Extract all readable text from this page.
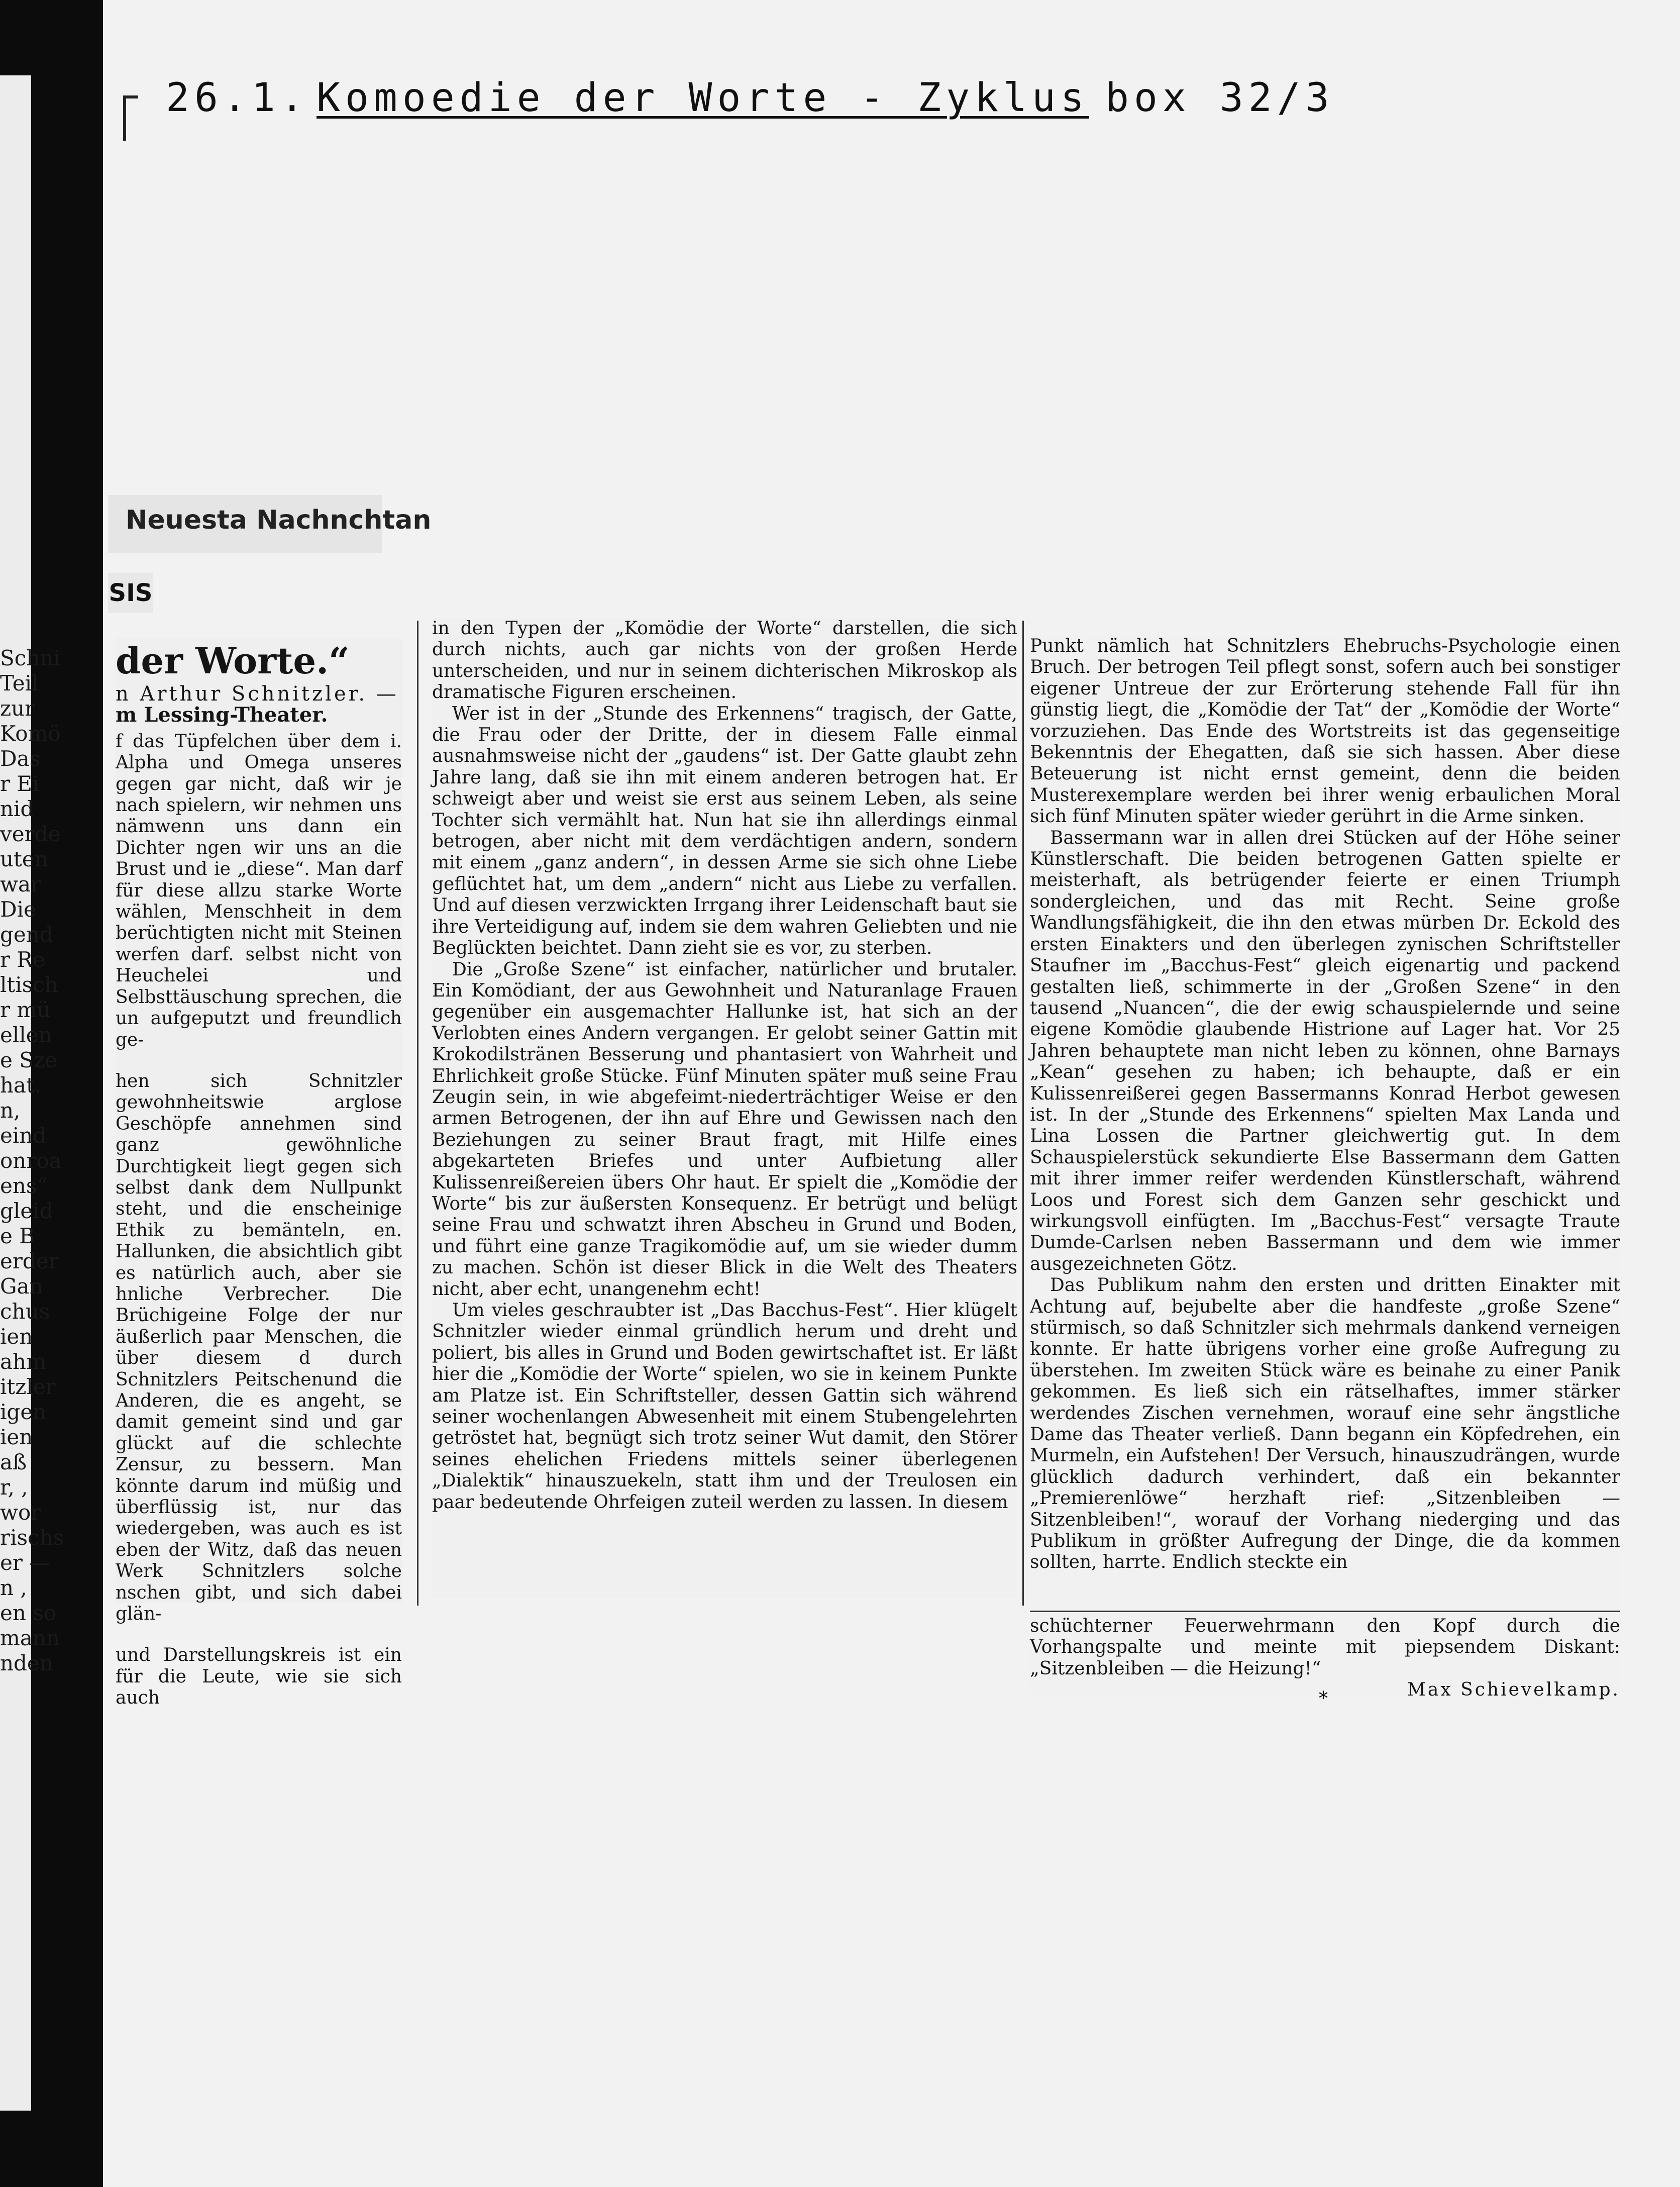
Schni

Teil

zur

Komö

Das

r Ei

nid

verde

uten

war

Die

gend

r Re

ltisch

r mü

ellen

e Sze

hat.

n,

eind

onroa

ens“

gleid

e B

erder

Gan

chus

ien

ahm

itzler

igen

ien

aß

r, ,

wor

rischs

er —

n ,

en so

mann

nden

26.1. Komoedie der Worte - Zyklus box 32/3
Neuesta Nachnchtan
SIS
der Worte.“
n Arthur Schnitzler. —
m Lessing-Theater.

f das Tüpfelchen über dem i. Alpha und Omega unseres gegen gar nicht, daß wir je nach spielern, wir nehmen uns nämwenn uns dann ein Dichter ngen wir uns an die Brust und ie „diese“. Man darf für diese allzu starke Worte wählen, Menschheit in dem berüchtigten nicht mit Steinen werfen darf. selbst nicht von Heuchelei und Selbsttäuschung sprechen, die un aufgeputzt und freundlich ge-

hen sich Schnitzler gewohnheitswie arglose Geschöpfe annehmen sind ganz gewöhnliche Durchtigkeit liegt gegen sich selbst dank dem Nullpunkt steht, und die enscheinige Ethik zu bemänteln, en. Hallunken, die absichtlich gibt es natürlich auch, aber sie hnliche Verbrecher. Die Brüchigeine Folge der nur äußerlich paar Menschen, die über diesem d durch Schnitzlers Peitschenund die Anderen, die es angeht, se damit gemeint sind und gar glückt auf die schlechte Zensur, zu bessern. Man könnte darum ind müßig und überflüssig ist, nur das wiedergeben, was auch es ist eben der Witz, daß das neuen Werk Schnitzlers solche nschen gibt, und sich dabei glän-

und Darstellungskreis ist ein für die Leute, wie sie sich auch

in den Typen der „Komödie der Worte“ darstellen, die sich durch nichts, auch gar nichts von der großen Herde unterscheiden, und nur in seinem dichterischen Mikroskop als dramatische Figuren erscheinen.

Wer ist in der „Stunde des Erkennens“ tragisch, der Gatte, die Frau oder der Dritte, der in diesem Falle einmal ausnahmsweise nicht der „gaudens“ ist. Der Gatte glaubt zehn Jahre lang, daß sie ihn mit einem anderen betrogen hat. Er schweigt aber und weist sie erst aus seinem Leben, als seine Tochter sich vermählt hat. Nun hat sie ihn allerdings einmal betrogen, aber nicht mit dem verdächtigen andern, sondern mit einem „ganz andern“, in dessen Arme sie sich ohne Liebe geflüchtet hat, um dem „andern“ nicht aus Liebe zu verfallen. Und auf diesen verzwickten Irrgang ihrer Leidenschaft baut sie ihre Verteidigung auf, indem sie dem wahren Geliebten und nie Beglückten beichtet. Dann zieht sie es vor, zu sterben.

Die „Große Szene“ ist einfacher, natürlicher und brutaler. Ein Komödiant, der aus Gewohnheit und Naturanlage Frauen gegenüber ein ausgemachter Hallunke ist, hat sich an der Verlobten eines Andern vergangen. Er gelobt seiner Gattin mit Krokodilstränen Besserung und phantasiert von Wahrheit und Ehrlichkeit große Stücke. Fünf Minuten später muß seine Frau Zeugin sein, in wie abgefeimt-niederträchtiger Weise er den armen Betrogenen, der ihn auf Ehre und Gewissen nach den Beziehungen zu seiner Braut fragt, mit Hilfe eines abgekarteten Briefes und unter Aufbietung aller Kulissenreißereien übers Ohr haut. Er spielt die „Komödie der Worte“ bis zur äußersten Konsequenz. Er betrügt und belügt seine Frau und schwatzt ihren Abscheu in Grund und Boden, und führt eine ganze Tragikomödie auf, um sie wieder dumm zu machen. Schön ist dieser Blick in die Welt des Theaters nicht, aber echt, unangenehm echt!

Um vieles geschraubter ist „Das Bacchus-Fest“. Hier klügelt Schnitzler wieder einmal gründlich herum und dreht und poliert, bis alles in Grund und Boden gewirtschaftet ist. Er läßt hier die „Komödie der Worte“ spielen, wo sie in keinem Punkte am Platze ist. Ein Schriftsteller, dessen Gattin sich während seiner wochenlangen Abwesenheit mit einem Stubengelehrten getröstet hat, begnügt sich trotz seiner Wut damit, den Störer seines ehelichen Friedens mittels seiner überlegenen „Dialektik“ hinauszuekeln, statt ihm und der Treulosen ein paar bedeutende Ohrfeigen zuteil werden zu lassen. In diesem

Punkt nämlich hat Schnitzlers Ehebruchs-Psychologie einen Bruch. Der betrogen Teil pflegt sonst, sofern auch bei sonstiger eigener Untreue der zur Erörterung stehende Fall für ihn günstig liegt, die „Komödie der Tat“ der „Komödie der Worte“ vorzuziehen. Das Ende des Wortstreits ist das gegenseitige Bekenntnis der Ehegatten, daß sie sich hassen. Aber diese Beteuerung ist nicht ernst gemeint, denn die beiden Musterexemplare werden bei ihrer wenig erbaulichen Moral sich fünf Minuten später wieder gerührt in die Arme sinken.

Bassermann war in allen drei Stücken auf der Höhe seiner Künstlerschaft. Die beiden betrogenen Gatten spielte er meisterhaft, als betrügender feierte er einen Triumph sondergleichen, und das mit Recht. Seine große Wandlungsfähigkeit, die ihn den etwas mürben Dr. Eckold des ersten Einakters und den überlegen zynischen Schriftsteller Staufner im „Bacchus-Fest“ gleich eigenartig und packend gestalten ließ, schimmerte in der „Großen Szene“ in den tausend „Nuancen“, die der ewig schauspielernde und seine eigene Komödie glaubende Histrione auf Lager hat. Vor 25 Jahren behauptete man nicht leben zu können, ohne Barnays „Kean“ gesehen zu haben; ich behaupte, daß er ein Kulissenreißerei gegen Bassermanns Konrad Herbot gewesen ist. In der „Stunde des Erkennens“ spielten Max Landa und Lina Lossen die Partner gleichwertig gut. In dem Schauspielerstück sekundierte Else Bassermann dem Gatten mit ihrer immer reifer werdenden Künstlerschaft, während Loos und Forest sich dem Ganzen sehr geschickt und wirkungsvoll einfügten. Im „Bacchus-Fest“ versagte Traute Dumde-Carlsen neben Bassermann und dem wie immer ausgezeichneten Götz.

Das Publikum nahm den ersten und dritten Einakter mit Achtung auf, bejubelte aber die handfeste „große Szene“ stürmisch, so daß Schnitzler sich mehrmals dankend verneigen konnte. Er hatte übrigens vorher eine große Aufregung zu überstehen. Im zweiten Stück wäre es beinahe zu einer Panik gekommen. Es ließ sich ein rätselhaftes, immer stärker werdendes Zischen vernehmen, worauf eine sehr ängstliche Dame das Theater verließ. Dann begann ein Köpfedrehen, ein Murmeln, ein Aufstehen! Der Versuch, hinauszudrängen, wurde glücklich dadurch verhindert, daß ein bekannter „Premierenlöwe“ herzhaft rief: „Sitzenbleiben — Sitzenbleiben!“, worauf der Vorhang niederging und das Publikum in größter Aufregung der Dinge, die da kommen sollten, harrte. Endlich steckte ein

schüchterner Feuerwehrmann den Kopf durch die Vorhangspalte und meinte mit piepsendem Diskant: „Sitzenbleiben — die Heizung!“

Max Schievelkamp.

*
